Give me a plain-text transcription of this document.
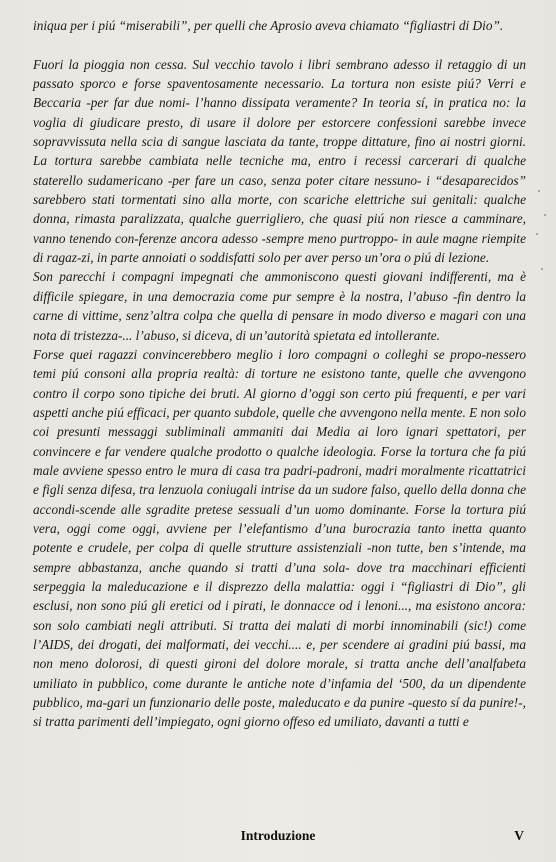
iniqua per i piú “miserabili”, per quelli che Aprosio aveva chiamato “figliastri di Dio”.

Fuori la pioggia non cessa. Sul vecchio tavolo i libri sembrano adesso il retaggio di un passato sporco e forse spaventosamente necessario. La tortura non esiste piú? Verri e Beccaria -per far due nomi- l’hanno dissipata veramente? In teoria sí, in pratica no: la voglia di giudicare presto, di usare il dolore per estorcere confessioni sarebbe invece sopravvissuta nella scia di sangue lasciata da tante, troppe dittature, fino ai nostri giorni. La tortura sarebbe cambiata nelle tecniche ma, entro i recessi carcerari di qualche staterello sudamericano -per fare un caso, senza poter citare nessuno- i “desaparecidos” sarebbero stati tormentati sino alla morte, con scariche elettriche sui genitali: qualche donna, rimasta paralizzata, qualche guerrigliero, che quasi piú non riesce a camminare, vanno tenendo con-ferenze ancora adesso -sempre meno purtroppo- in aule magne riempite di ragaz-zi, in parte annoiati o soddisfatti solo per aver perso un’ora o piú di lezione.

Son parecchi i compagni impegnati che ammoniscono questi giovani indifferenti, ma è difficile spiegare, in una democrazia come pur sempre è la nostra, l’abuso -fin dentro la carne di vittime, senz’altra colpa che quella di pensare in modo diverso e magari con una nota di tristezza-... l’abuso, si diceva, di un’autorità spietata ed intollerante.

Forse quei ragazzi convincerebbero meglio i loro compagni o colleghi se propo-nessero temi piú consoni alla propria realtà: di torture ne esistono tante, quelle che avvengono contro il corpo sono tipiche dei bruti. Al giorno d’oggi son certo piú frequenti, e per vari aspetti anche piú efficaci, per quanto subdole, quelle che avvengono nella mente. E non solo coi presunti messaggi subliminali ammaniti dai Media ai loro ignari spettatori, per convincere e far vendere qualche prodotto o qualche ideologia. Forse la tortura che fa piú male avviene spesso entro le mura di casa tra padri-padroni, madri moralmente ricattatrici e figli senza difesa, tra lenzuola coniugali intrise da un sudore falso, quello della donna che accondi-scende alle sgradite pretese sessuali d’un uomo dominante. Forse la tortura piú vera, oggi come oggi, avviene per l’elefantismo d’una burocrazia tanto inetta quanto potente e crudele, per colpa di quelle strutture assistenziali -non tutte, ben s’intende, ma sempre abbastanza, anche quando si tratti d’una sola- dove tra macchinari efficienti serpeggia la maleducazione e il disprezzo della malattia: oggi i “figliastri di Dio”, gli esclusi, non sono piú gli eretici od i pirati, le donnacce od i lenoni..., ma esistono ancora: son solo cambiati negli attributi. Si tratta dei malati di morbi innominabili (sic!) come l’AIDS, dei drogati, dei malformati, dei vecchi.... e, per scendere ai gradini piú bassi, ma non meno dolorosi, di questi gironi del dolore morale, si tratta anche dell’analfabeta umiliato in pubblico, come durante le antiche note d’infamia del ‘500, da un dipendente pubblico, ma-gari un funzionario delle poste, maleducato e da punire -questo sí da punire!-, si tratta parimenti dell’impiegato, ogni giorno offeso ed umiliato, davanti a tutti e

Introduzione	V
